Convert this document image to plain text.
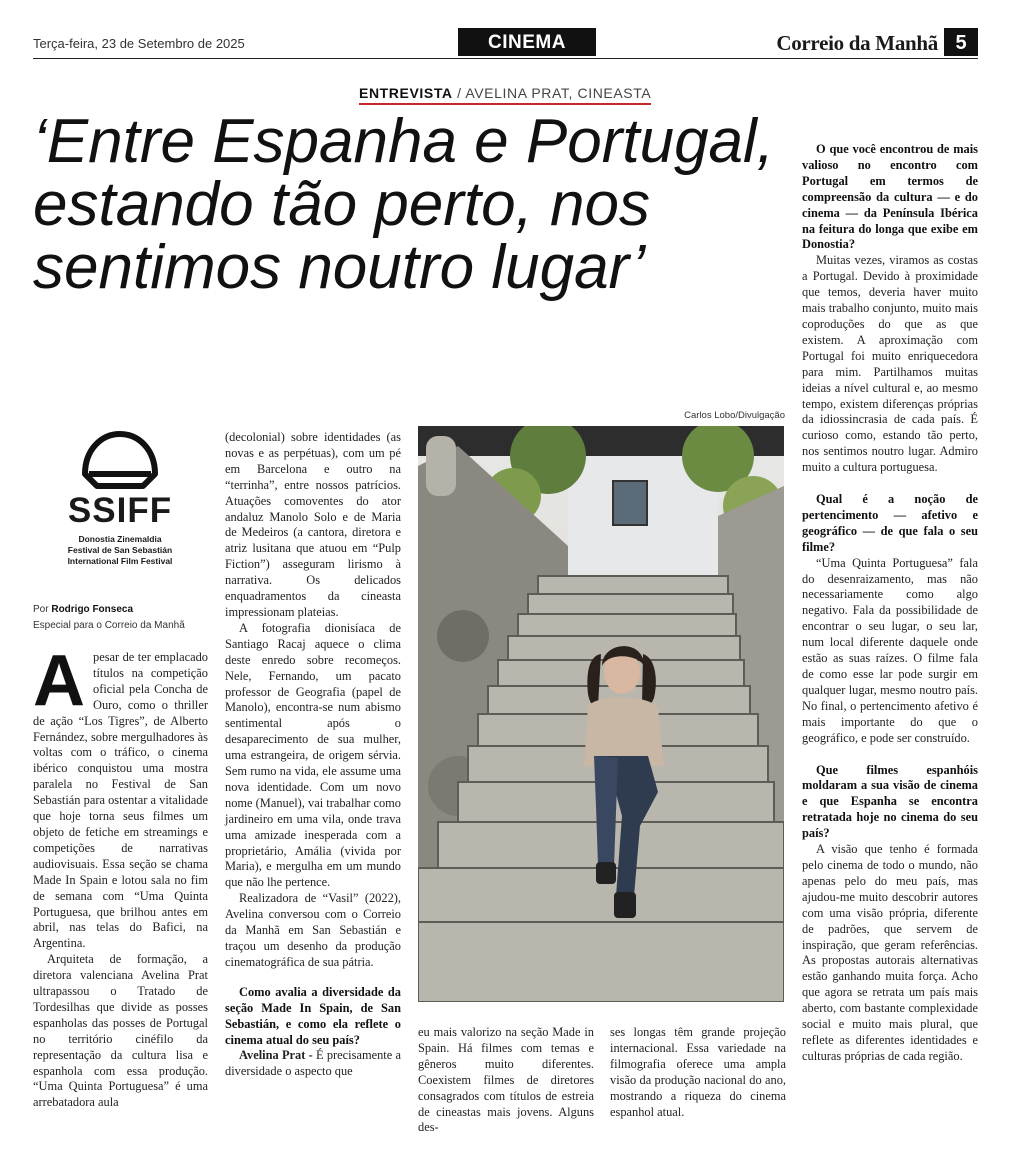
Terça-feira, 23 de Setembro de 2025	CINEMA	Correio da Manhã 5
ENTREVISTA / AVELINA PRAT, CINEASTA
‘Entre Espanha e Portugal, estando tão perto, nos sentimos noutro lugar’
Carlos Lobo/Divulgação
SSIFF
Donostia Zinemaldia
Festival de San Sebastián
International Film Festival
Por Rodrigo Fonseca
Especial para o Correio da Manhã
A pesar de ter emplacado títulos na competição oficial pela Concha de Ouro, como o thriller de ação “Los Tigres”, de Alberto Fernández, sobre mergulhadores às voltas com o tráfico, o cinema ibérico conquistou uma mostra paralela no Festival de San Sebastián para ostentar a vitalidade que hoje torna seus filmes um objeto de fetiche em streamings e competições de narrativas audiovisuais. Essa seção se chama Made In Spain e lotou sala no fim de semana com “Uma Quinta Portuguesa, que brilhou antes em abril, nas telas do Bafici, na Argentina.

Arquiteta de formação, a diretora valenciana Avelina Prat ultrapassou o Tratado de Tordesilhas que divide as posses espanholas das posses de Portugal no território cinéfilo da representação da cultura lisa e espanhola com essa produção. “Uma Quinta Portuguesa” é uma arrebatadora aula

(decolonial) sobre identidades (as novas e as perpétuas), com um pé em Barcelona e outro na “terrinha”, entre nossos patrícios. Atuações comoventes do ator andaluz Manolo Solo e de Maria de Medeiros (a cantora, diretora e atriz lusitana que atuou em “Pulp Fiction”) asseguram lirismo à narrativa. Os delicados enquadramentos da cineasta impressionam plateias.

A fotografia dionisíaca de Santiago Racaj aquece o clima deste enredo sobre recomeços. Nele, Fernando, um pacato professor de Geografia (papel de Manolo), encontra-se num abismo sentimental após o desaparecimento de sua mulher, uma estrangeira, de origem sérvia. Sem rumo na vida, ele assume uma nova identidade. Com um novo nome (Manuel), vai trabalhar como jardineiro em uma vila, onde trava uma amizade inesperada com a proprietário, Amália (vivida por Maria), e mergulha em um mundo que não lhe pertence.

Realizadora de “Vasil” (2022), Avelina conversou com o Correio da Manhã em San Sebastián e traçou um desenho da produção cinematográfica de sua pátria.

Como avalia a diversidade da seção Made In Spain, de San Sebastián, e como ela reflete o cinema atual do seu país?

Avelina Prat - É precisamente a diversidade o aspecto que

eu mais valorizo na seção Made in Spain. Há filmes com temas e gêneros muito diferentes. Coexistem filmes de diretores consagrados com títulos de estreia de cineastas mais jovens. Alguns des-

ses longas têm grande projeção internacional. Essa variedade na filmografia oferece uma ampla visão da produção nacional do ano, mostrando a riqueza do cinema espanhol atual.

O que você encontrou de mais valioso no encontro com Portugal em termos de compreensão da cultura — e do cinema — da Península Ibérica na feitura do longa que exibe em Donostia?

Muitas vezes, viramos as costas a Portugal. Devido à proximidade que temos, deveria haver muito mais trabalho conjunto, muito mais coproduções do que as que existem. A aproximação com Portugal foi muito enriquecedora para mim. Partilhamos muitas ideias a nível cultural e, ao mesmo tempo, existem diferenças próprias da idiossincrasia de cada país. É curioso como, estando tão perto, nos sentimos noutro lugar. Admiro muito a cultura portuguesa.

Qual é a noção de pertencimento — afetivo e geográfico — de que fala o seu filme?

“Uma Quinta Portuguesa” fala do desenraizamento, mas não necessariamente como algo negativo. Fala da possibilidade de encontrar o seu lugar, o seu lar, num local diferente daquele onde estão as suas raízes. O filme fala de como esse lar pode surgir em qualquer lugar, mesmo noutro país. No final, o pertencimento afetivo é mais importante do que o geográfico, e pode ser construído.

Que filmes espanhóis moldaram a sua visão de cinema e que Espanha se encontra retratada hoje no cinema do seu país?

A visão que tenho é formada pelo cinema de todo o mundo, não apenas pelo do meu país, mas ajudou-me muito descobrir autores com uma visão própria, diferente de padrões, que servem de inspiração, que geram referências. As propostas autorais alternativas estão ganhando muita força. Acho que agora se retrata um país mais aberto, com bastante complexidade social e muito mais plural, que reflete as diferentes identidades e culturas próprias de cada região.
